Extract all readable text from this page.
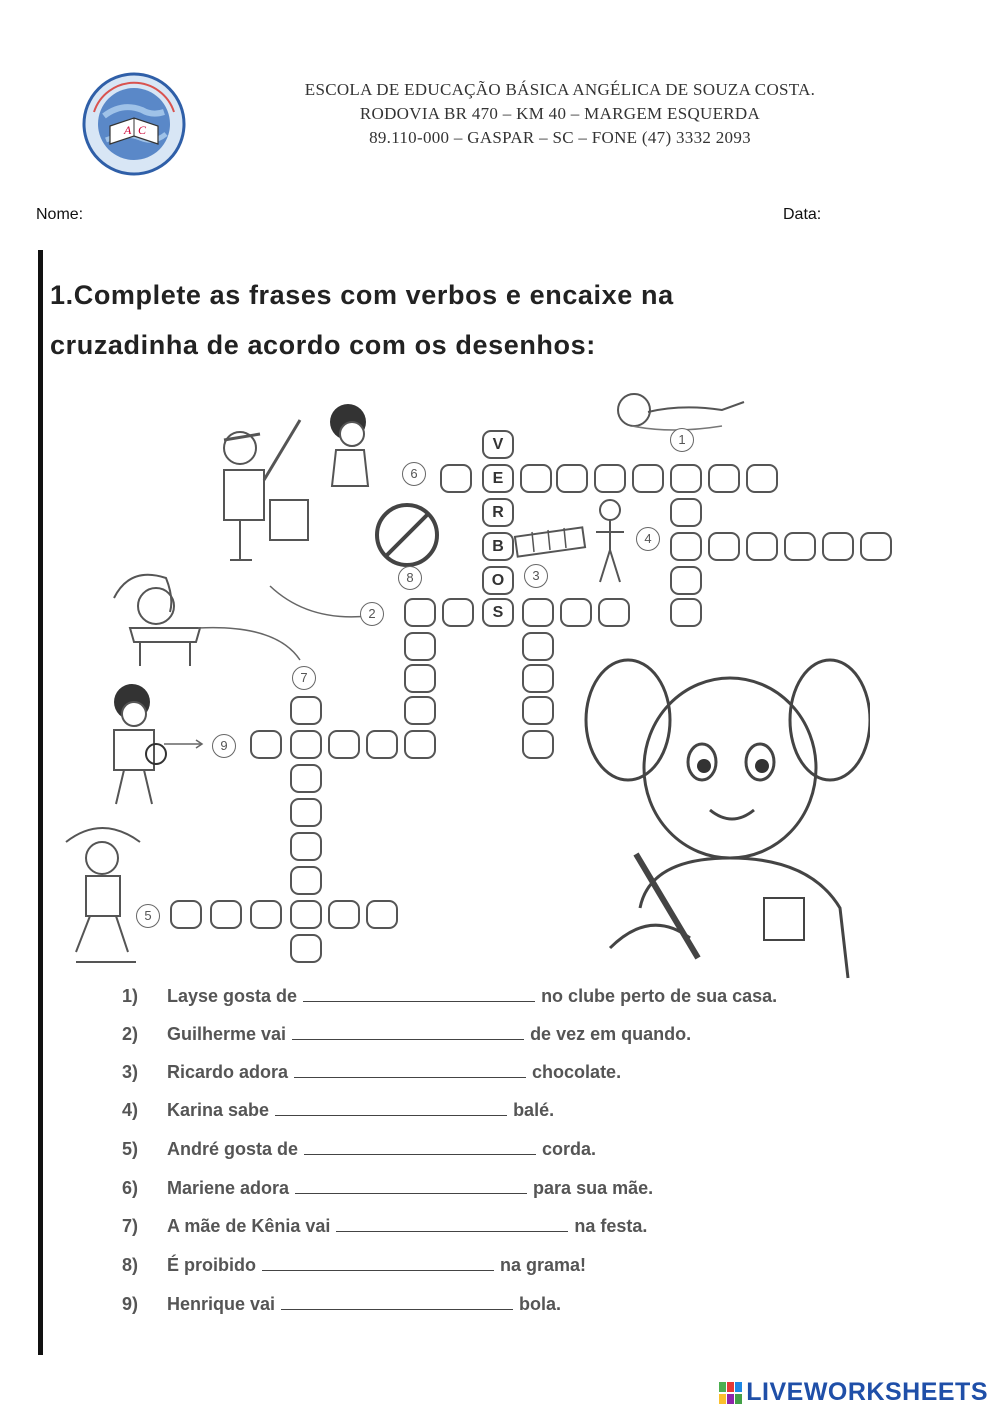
A C
ESCOLA DE EDUCAÇÃO BÁSICA ANGÉLICA DE SOUZA COSTA.
RODOVIA BR 470 – KM 40 – MARGEM ESQUERDA
89.110-000 – GASPAR – SC – FONE (47) 3332 2093
Nome:	Data:
1.Complete as frases com verbos e encaixe na
cruzadinha de acordo com os desenhos:
1
2
3
4
5
6
7
8
9
V
E
R
B
O
S
1) Layse gosta de	no clube perto de sua casa.
2) Guilherme vai	de vez em quando.
3) Ricardo adora	chocolate.
4) Karina sabe	balé.
5) André gosta de	corda.
6) Mariene adora	para sua mãe.
7) A mãe de Kênia vai	na festa.
8) É proibido	na grama!
9) Henrique vai	bola.
LIVEWORKSHEETS
